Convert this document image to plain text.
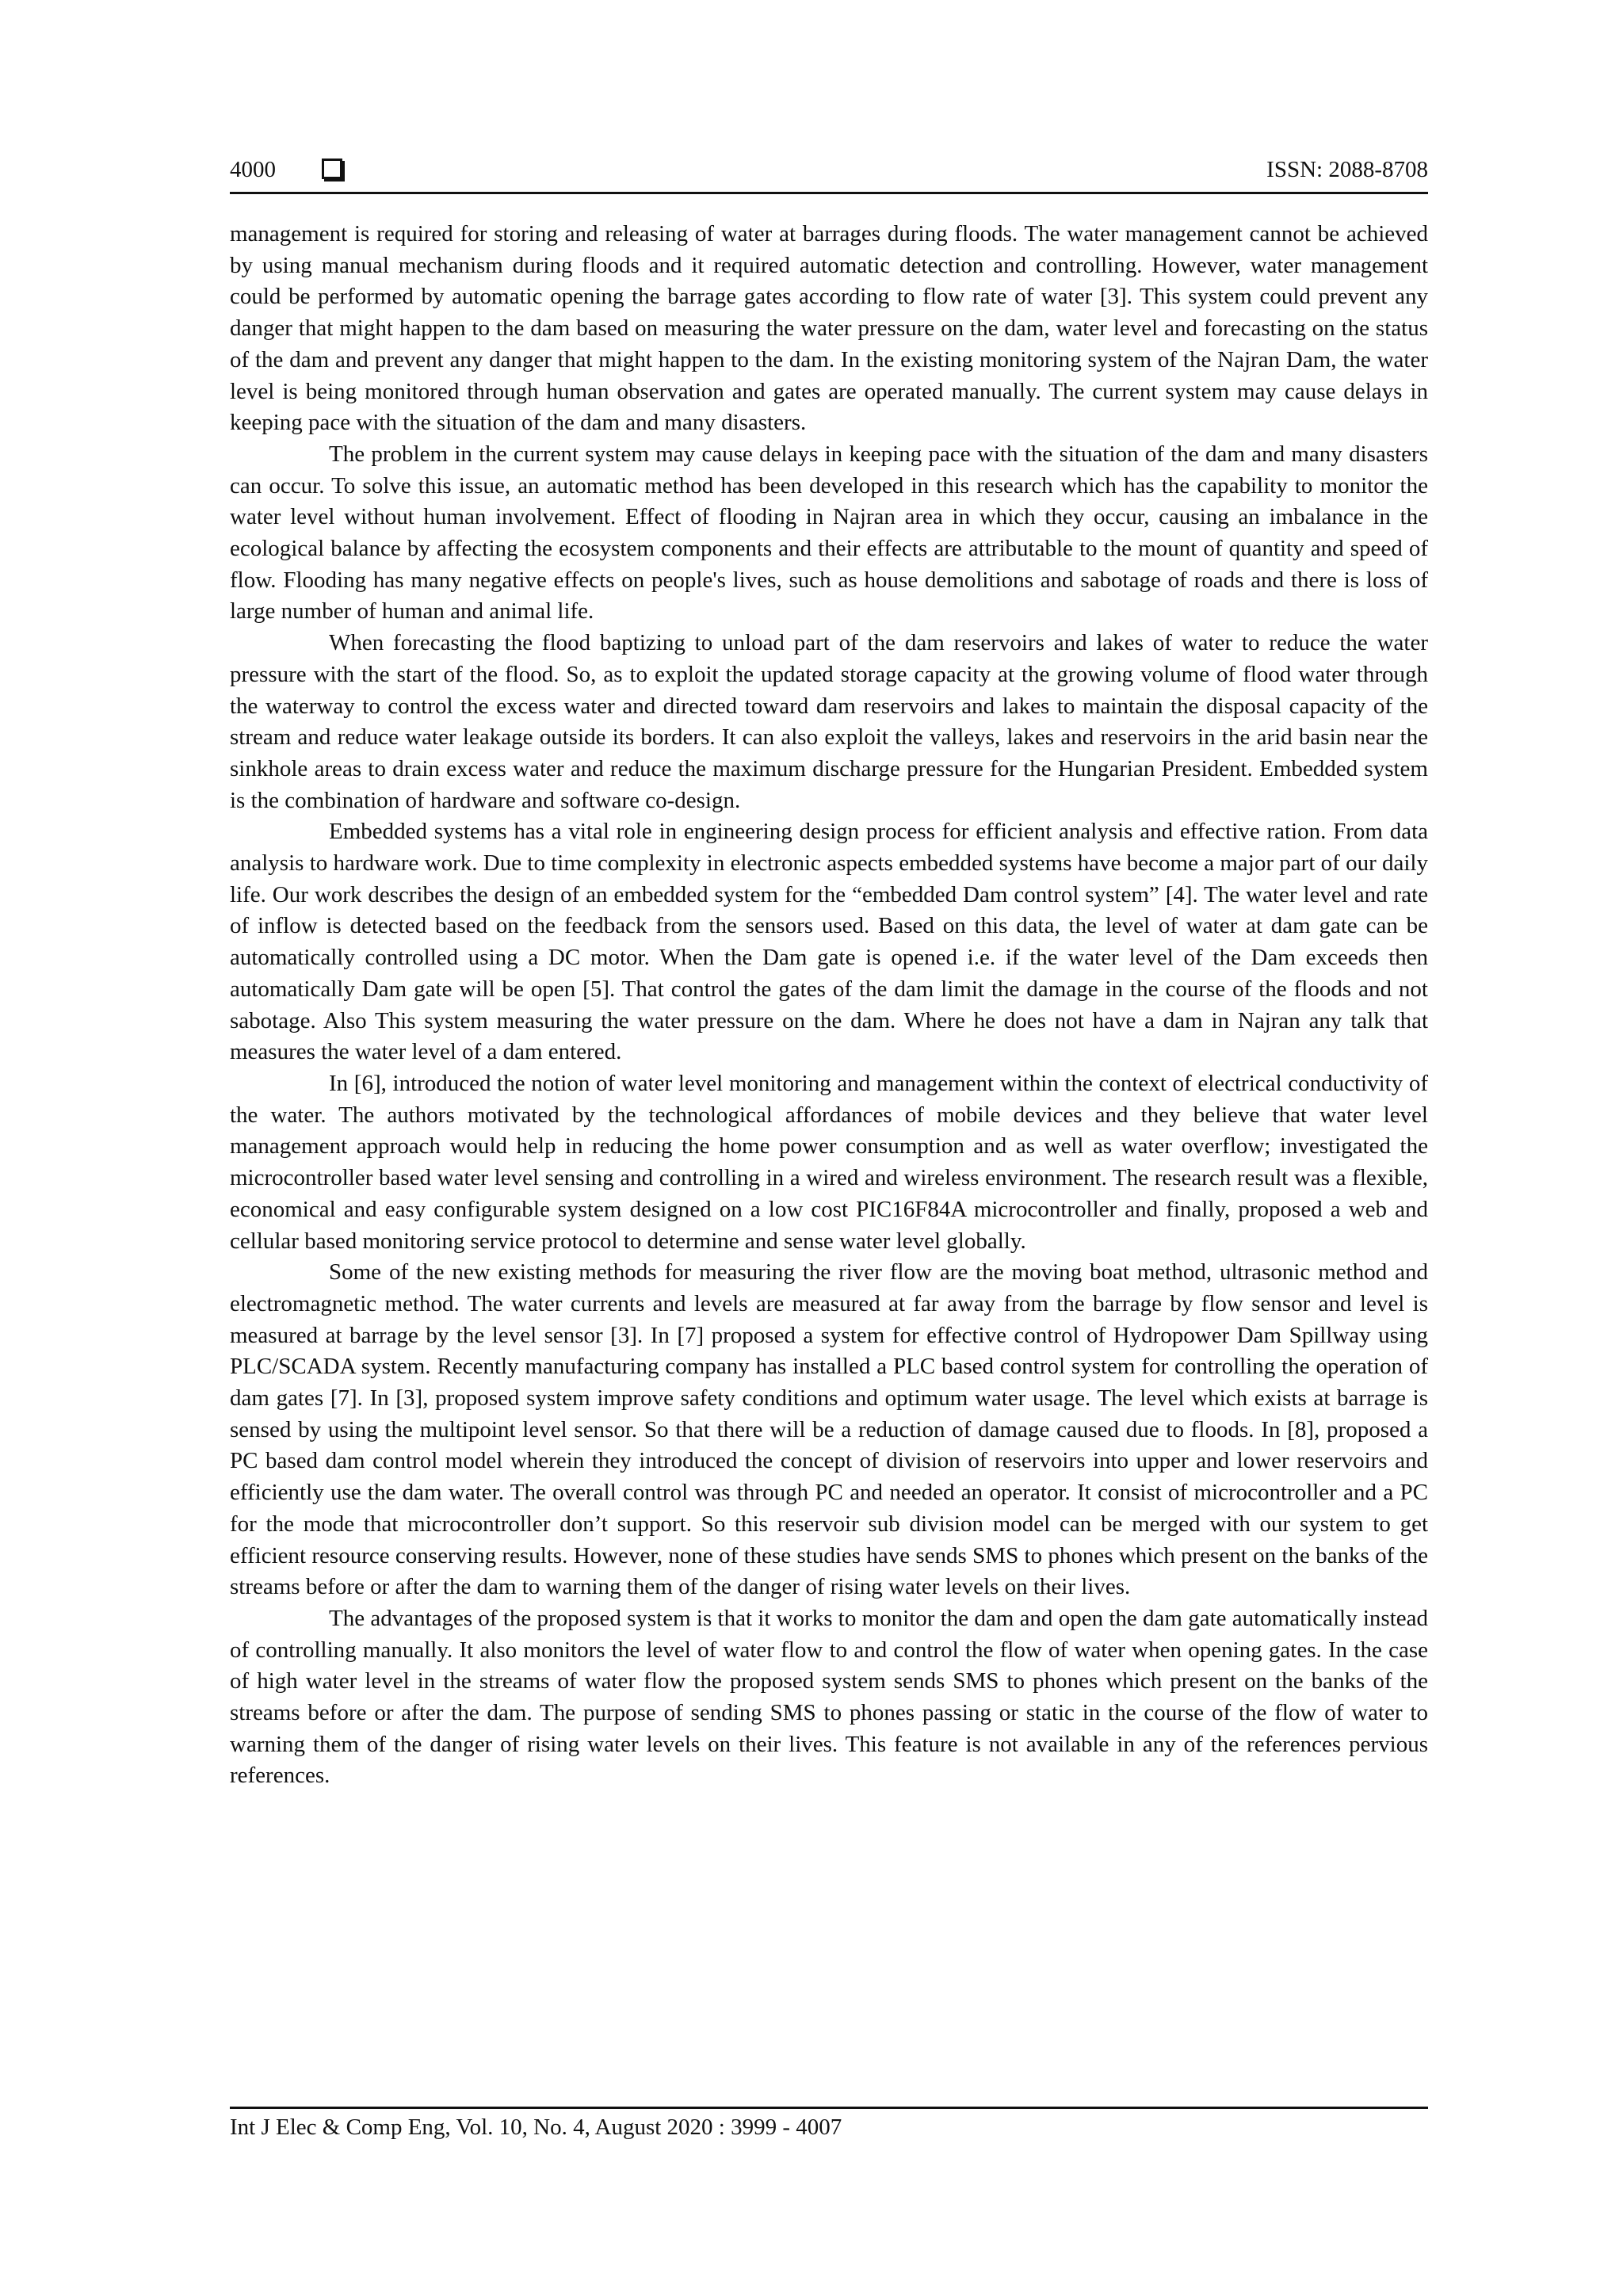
4000	ISSN: 2088-8708

management is required for storing and releasing of water at barrages during floods. The water management cannot be achieved by using manual mechanism during floods and it required automatic detection and controlling. However, water management could be performed by automatic opening the barrage gates according to flow rate of water [3]. This system could prevent any danger that might happen to the dam based on measuring the water pressure on the dam, water level and forecasting on the status of the dam and prevent any danger that might happen to the dam. In the existing monitoring system of the Najran Dam, the water level is being monitored through human observation and gates are operated manually. The current system may cause delays in keeping pace with the situation of the dam and many disasters.

The problem in the current system may cause delays in keeping pace with the situation of the dam and many disasters can occur. To solve this issue, an automatic method has been developed in this research which has the capability to monitor the water level without human involvement. Effect of flooding in Najran area in which they occur, causing an imbalance in the ecological balance by affecting the ecosystem components and their effects are attributable to the mount of quantity and speed of flow. Flooding has many negative effects on people's lives, such as house demolitions and sabotage of roads and there is loss of large number of human and animal life.

When forecasting the flood baptizing to unload part of the dam reservoirs and lakes of water to reduce the water pressure with the start of the flood. So, as to exploit the updated storage capacity at the growing volume of flood water through the waterway to control the excess water and directed toward dam reservoirs and lakes to maintain the disposal capacity of the stream and reduce water leakage outside its borders. It can also exploit the valleys, lakes and reservoirs in the arid basin near the sinkhole areas to drain excess water and reduce the maximum discharge pressure for the Hungarian President. Embedded system is the combination of hardware and software co-design.

Embedded systems has a vital role in engineering design process for efficient analysis and effective ration. From data analysis to hardware work. Due to time complexity in electronic aspects embedded systems have become a major part of our daily life. Our work describes the design of an embedded system for the “embedded Dam control system” [4]. The water level and rate of inflow is detected based on the feedback from the sensors used. Based on this data, the level of water at dam gate can be automatically controlled using a DC motor. When the Dam gate is opened i.e. if the water level of the Dam exceeds then automatically Dam gate will be open [5]. That control the gates of the dam limit the damage in the course of the floods and not sabotage. Also This system measuring the water pressure on the dam. Where he does not have a dam in Najran any talk that measures the water level of a dam entered.

In [6], introduced the notion of water level monitoring and management within the context of electrical conductivity of the water. The authors motivated by the technological affordances of mobile devices and they believe that water level management approach would help in reducing the home power consumption and as well as water overflow; investigated the microcontroller based water level sensing and controlling in a wired and wireless environment. The research result was a flexible, economical and easy configurable system designed on a low cost PIC16F84A microcontroller and finally, proposed a web and cellular based monitoring service protocol to determine and sense water level globally.

Some of the new existing methods for measuring the river flow are the moving boat method, ultrasonic method and electromagnetic method. The water currents and levels are measured at far away from the barrage by flow sensor and level is measured at barrage by the level sensor [3]. In [7] proposed a system for effective control of Hydropower Dam Spillway using PLC/SCADA system. Recently manufacturing company has installed a PLC based control system for controlling the operation of dam gates [7]. In [3], proposed system improve safety conditions and optimum water usage. The level which exists at barrage is sensed by using the multipoint level sensor. So that there will be a reduction of damage caused due to floods. In [8], proposed a PC based dam control model wherein they introduced the concept of division of reservoirs into upper and lower reservoirs and efficiently use the dam water. The overall control was through PC and needed an operator. It consist of microcontroller and a PC for the mode that microcontroller don’t support. So this reservoir sub division model can be merged with our system to get efficient resource conserving results. However, none of these studies have sends SMS to phones which present on the banks of the streams before or after the dam to warning them of the danger of rising water levels on their lives.

The advantages of the proposed system is that it works to monitor the dam and open the dam gate automatically instead of controlling manually. It also monitors the level of water flow to and control the flow of water when opening gates. In the case of high water level in the streams of water flow the proposed system sends SMS to phones which present on the banks of the streams before or after the dam. The purpose of sending SMS to phones passing or static in the course of the flow of water to warning them of the danger of rising water levels on their lives. This feature is not available in any of the references pervious references.

Int J Elec & Comp Eng, Vol. 10, No. 4, August 2020 : 3999 - 4007
